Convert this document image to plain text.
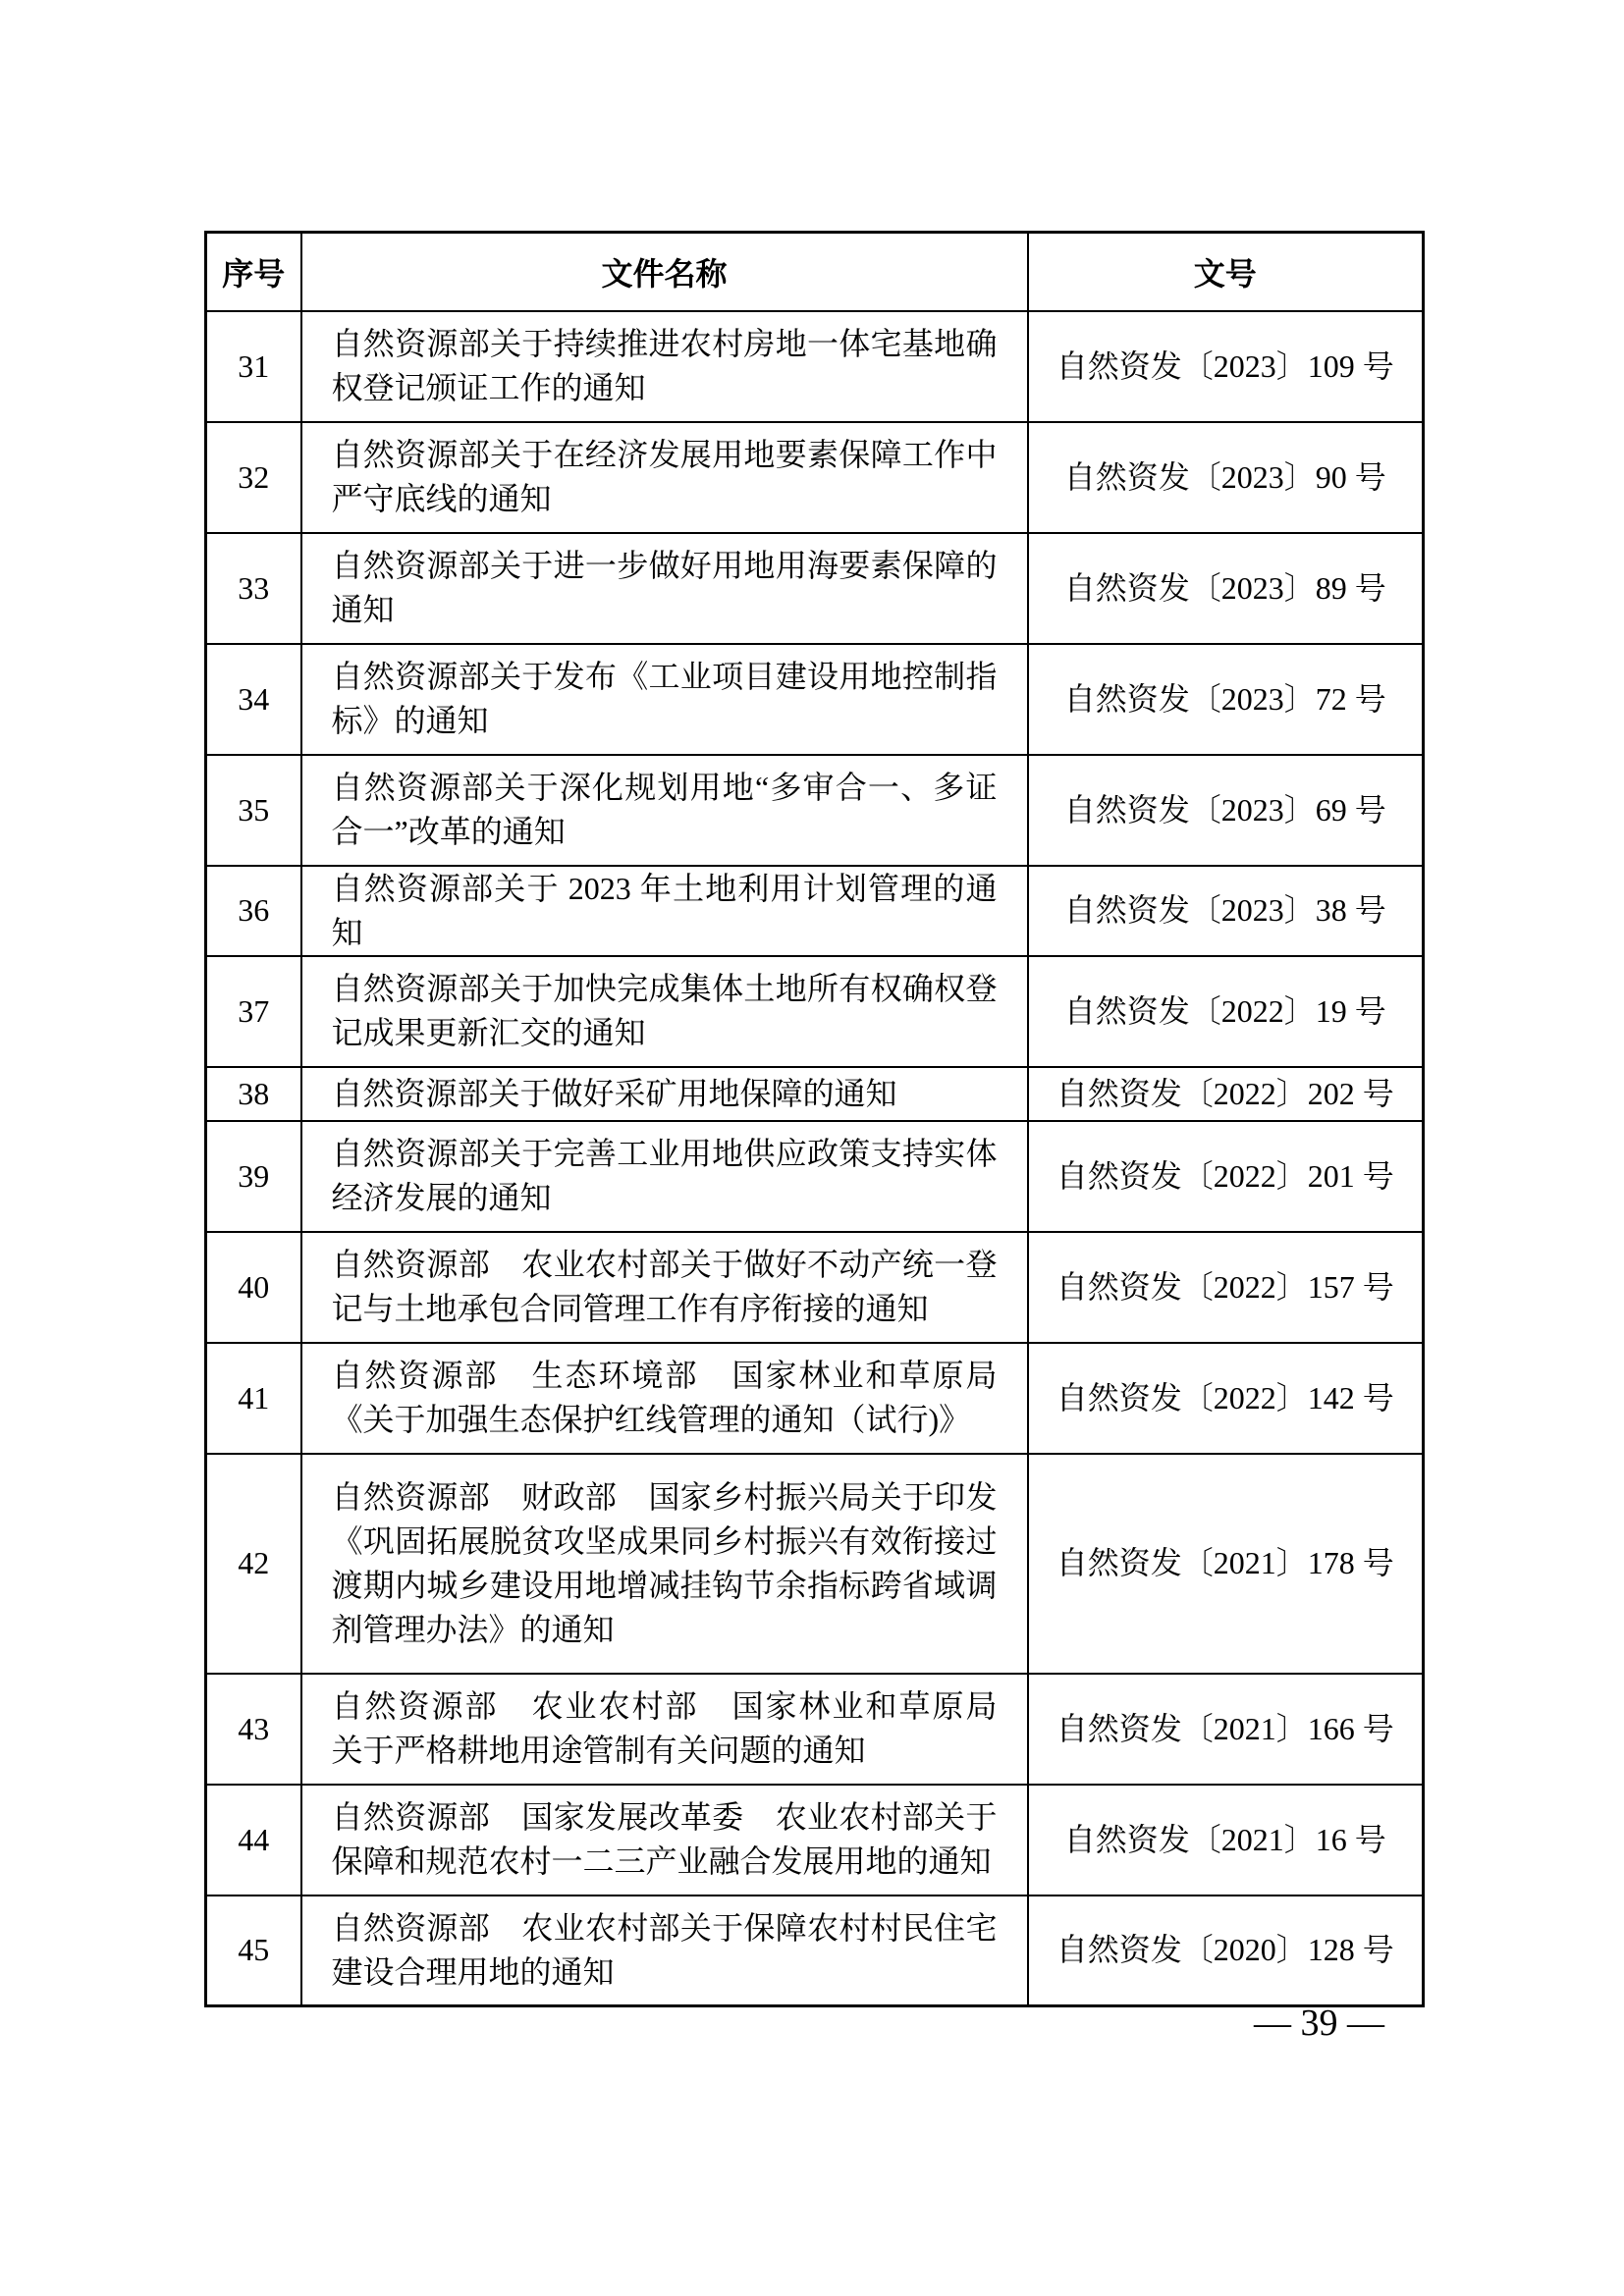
序号	文件名称	文号
31	自然资源部关于持续推进农村房地一体宅基地确权登记颁证工作的通知	自然资发〔2023〕109 号
32	自然资源部关于在经济发展用地要素保障工作中严守底线的通知	自然资发〔2023〕90 号
33	自然资源部关于进一步做好用地用海要素保障的通知	自然资发〔2023〕89 号
34	自然资源部关于发布《工业项目建设用地控制指标》的通知	自然资发〔2023〕72 号
35	自然资源部关于深化规划用地“多审合一、多证合一”改革的通知	自然资发〔2023〕69 号
36	自然资源部关于 2023 年土地利用计划管理的通知	自然资发〔2023〕38 号
37	自然资源部关于加快完成集体土地所有权确权登记成果更新汇交的通知	自然资发〔2022〕19 号
38	自然资源部关于做好采矿用地保障的通知	自然资发〔2022〕202 号
39	自然资源部关于完善工业用地供应政策支持实体经济发展的通知	自然资发〔2022〕201 号
40	自然资源部　农业农村部关于做好不动产统一登记与土地承包合同管理工作有序衔接的通知	自然资发〔2022〕157 号
41	自然资源部　生态环境部　国家林业和草原局《关于加强生态保护红线管理的通知（试行)》	自然资发〔2022〕142 号
42	自然资源部　财政部　国家乡村振兴局关于印发《巩固拓展脱贫攻坚成果同乡村振兴有效衔接过渡期内城乡建设用地增减挂钩节余指标跨省域调剂管理办法》的通知	自然资发〔2021〕178 号
43	自然资源部　农业农村部　国家林业和草原局　关于严格耕地用途管制有关问题的通知	自然资发〔2021〕166 号
44	自然资源部　国家发展改革委　农业农村部关于保障和规范农村一二三产业融合发展用地的通知	自然资发〔2021〕16 号
45	自然资源部　农业农村部关于保障农村村民住宅建设合理用地的通知	自然资发〔2020〕128 号
— 39 —
